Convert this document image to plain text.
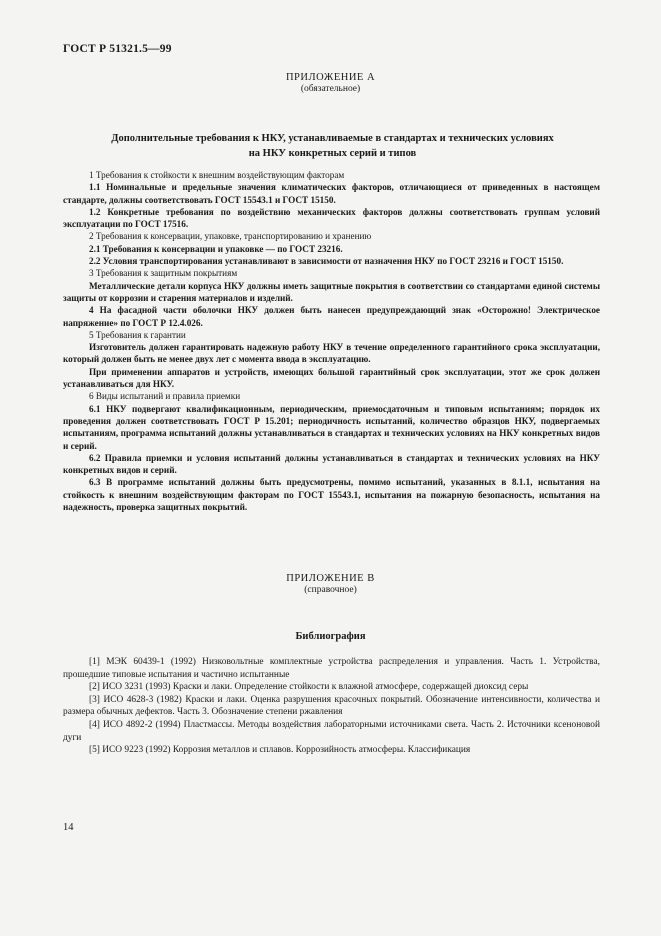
ГОСТ Р 51321.5—99
ПРИЛОЖЕНИЕ А
(обязательное)
Дополнительные требования к НКУ, устанавливаемые в стандартах и технических условиях
на НКУ конкретных серий и типов

1 Требования к стойкости к внешним воздействующим факторам

1.1 Номинальные и предельные значения климатических факторов, отличающиеся от приведенных в настоящем стандарте, должны соответствовать ГОСТ 15543.1 и ГОСТ 15150.

1.2 Конкретные требования по воздействию механических факторов должны соответствовать группам условий эксплуатации по ГОСТ 17516.

2 Требования к консервации, упаковке, транспортированию и хранению

2.1 Требования к консервации и упаковке — по ГОСТ 23216.

2.2 Условия транспортирования устанавливают в зависимости от назначения НКУ по ГОСТ 23216 и ГОСТ 15150.

3 Требования к защитным покрытиям

Металлические детали корпуса НКУ должны иметь защитные покрытия в соответствии со стандартами единой системы защиты от коррозии и старения материалов и изделий.

4 На фасадной части оболочки НКУ должен быть нанесен предупреждающий знак «Осторожно! Электрическое напряжение» по ГОСТ Р 12.4.026.

5 Требования к гарантии

Изготовитель должен гарантировать надежную работу НКУ в течение определенного гарантийного срока эксплуатации, который должен быть не менее двух лет с момента ввода в эксплуатацию.

При применении аппаратов и устройств, имеющих большой гарантийный срок эксплуатации, этот же срок должен устанавливаться для НКУ.

6 Виды испытаний и правила приемки

6.1 НКУ подвергают квалификационным, периодическим, приемосдаточным и типовым испытаниям; порядок их проведения должен соответствовать ГОСТ Р 15.201; периодичность испытаний, количество образцов НКУ, подвергаемых испытаниям, программа испытаний должны устанавливаться в стандартах и технических условиях на НКУ конкретных видов и серий.

6.2 Правила приемки и условия испытаний должны устанавливаться в стандартах и технических условиях на НКУ конкретных видов и серий.

6.3 В программе испытаний должны быть предусмотрены, помимо испытаний, указанных в 8.1.1, испытания на стойкость к внешним воздействующим факторам по ГОСТ 15543.1, испытания на пожарную безопасность, испытания на надежность, проверка защитных покрытий.

ПРИЛОЖЕНИЕ В
(справочное)
Библиография

[1] МЭК 60439-1 (1992) Низковольтные комплектные устройства распределения и управления. Часть 1. Устройства, прошедшие типовые испытания и частично испытанные

[2] ИСО 3231 (1993) Краски и лаки. Определение стойкости к влажной атмосфере, содержащей диоксид серы

[3] ИСО 4628-3 (1982) Краски и лаки. Оценка разрушения красочных покрытий. Обозначение интенсивности, количества и размера обычных дефектов. Часть 3. Обозначение степени ржавления

[4] ИСО 4892-2 (1994) Пластмассы. Методы воздействия лабораторными источниками света. Часть 2. Источники ксеноновой дуги

[5] ИСО 9223 (1992) Коррозия металлов и сплавов. Коррозийность атмосферы. Классификация

14
